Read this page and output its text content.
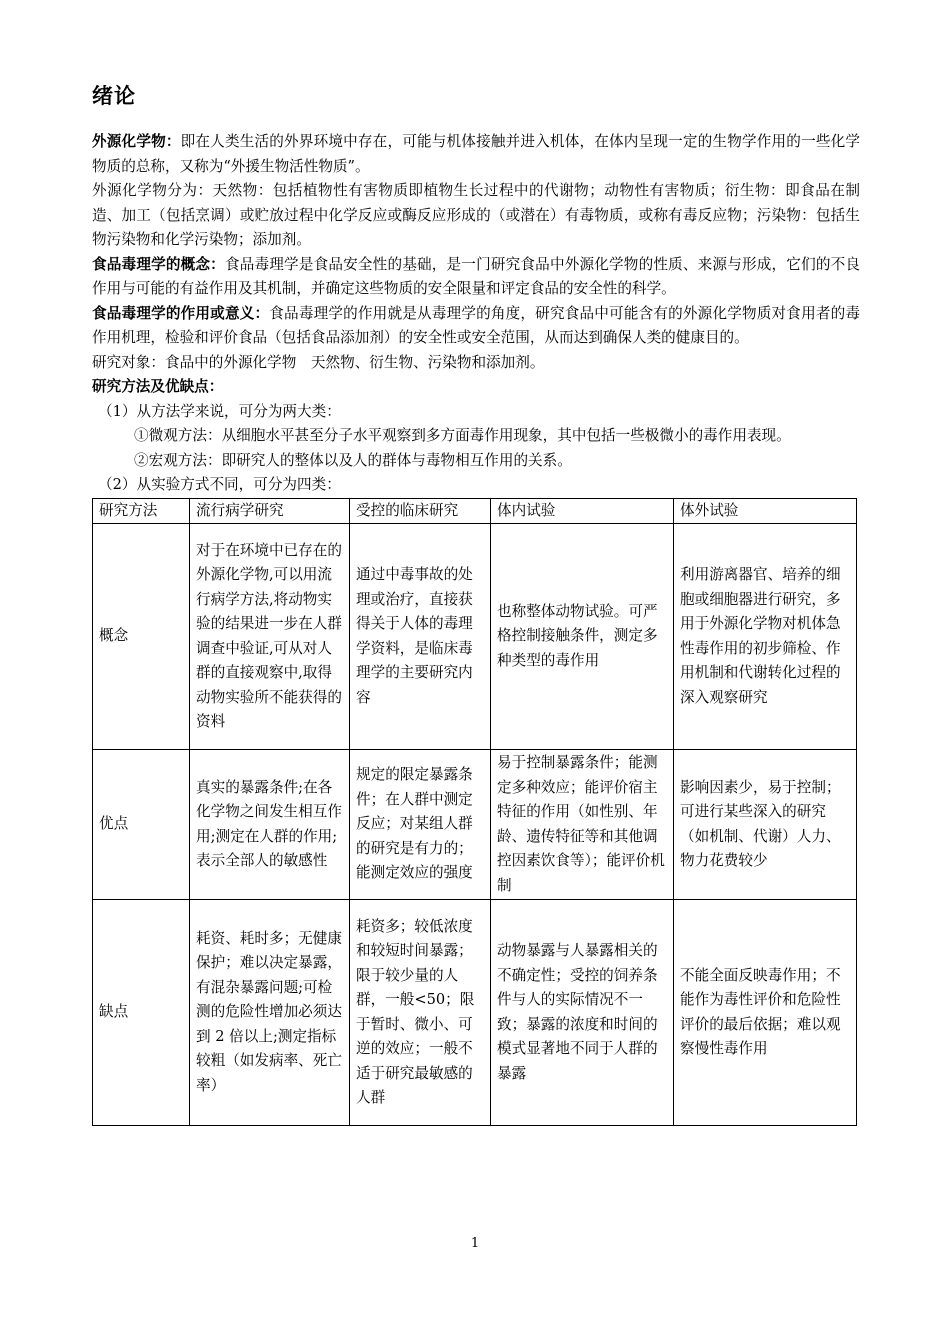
绪论

外源化学物：即在人类生活的外界环境中存在，可能与机体接触并进入机体，在体内呈现一定的生物学作用的一些化学物质的总称，又称为“外援生物活性物质”。

外源化学物分为：天然物：包括植物性有害物质即植物生长过程中的代谢物；动物性有害物质；衍生物：即食品在制造、加工（包括烹调）或贮放过程中化学反应或酶反应形成的（或潜在）有毒物质，或称有毒反应物；污染物：包括生物污染物和化学污染物；添加剂。

食品毒理学的概念：食品毒理学是食品安全性的基础，是一门研究食品中外源化学物的性质、来源与形成，它们的不良作用与可能的有益作用及其机制，并确定这些物质的安全限量和评定食品的安全性的科学。

食品毒理学的作用或意义：食品毒理学的作用就是从毒理学的角度，研究食品中可能含有的外源化学物质对食用者的毒作用机理，检验和评价食品（包括食品添加剂）的安全性或安全范围，从而达到确保人类的健康目的。

研究对象：食品中的外源化学物　天然物、衍生物、污染物和添加剂。

研究方法及优缺点：

（1）从方法学来说，可分为两大类：

①微观方法：从细胞水平甚至分子水平观察到多方面毒作用现象，其中包括一些极微小的毒作用表现。

②宏观方法：即研究人的整体以及人的群体与毒物相互作用的关系。

（2）从实验方式不同，可分为四类：

研究方法	流行病学研究	受控的临床研究	体内试验	体外试验
概念	对于在环境中已存在的外源化学物,可以用流行病学方法,将动物实验的结果进一步在人群调查中验证,可从对人群的直接观察中,取得动物实验所不能获得的资料	通过中毒事故的处理或治疗，直接获得关于人体的毒理学资料，是临床毒理学的主要研究内容	也称整体动物试验。可严格控制接触条件，测定多种类型的毒作用	利用游离器官、培养的细胞或细胞器进行研究，多用于外源化学物对机体急性毒作用的初步筛检、作用机制和代谢转化过程的深入观察研究
优点	真实的暴露条件;在各化学物之间发生相互作用;测定在人群的作用;表示全部人的敏感性	规定的限定暴露条件；在人群中测定反应；对某组人群的研究是有力的；能测定效应的强度	易于控制暴露条件；能测定多种效应；能评价宿主特征的作用（如性别、年龄、遗传特征等和其他调控因素饮食等）；能评价机制	影响因素少，易于控制；可进行某些深入的研究（如机制、代谢）人力、物力花费较少
缺点	耗资、耗时多；无健康保护；难以决定暴露，有混杂暴露问题;可检测的危险性增加必须达到 2 倍以上;测定指标较粗（如发病率、死亡率）	耗资多；较低浓度和较短时间暴露；限于较少量的人群，一般<50；限于暂时、微小、可逆的效应；一般不适于研究最敏感的人群	动物暴露与人暴露相关的不确定性；受控的饲养条件与人的实际情况不一致；暴露的浓度和时间的模式显著地不同于人群的暴露	不能全面反映毒作用；不能作为毒性评价和危险性评价的最后依据；难以观察慢性毒作用
1
